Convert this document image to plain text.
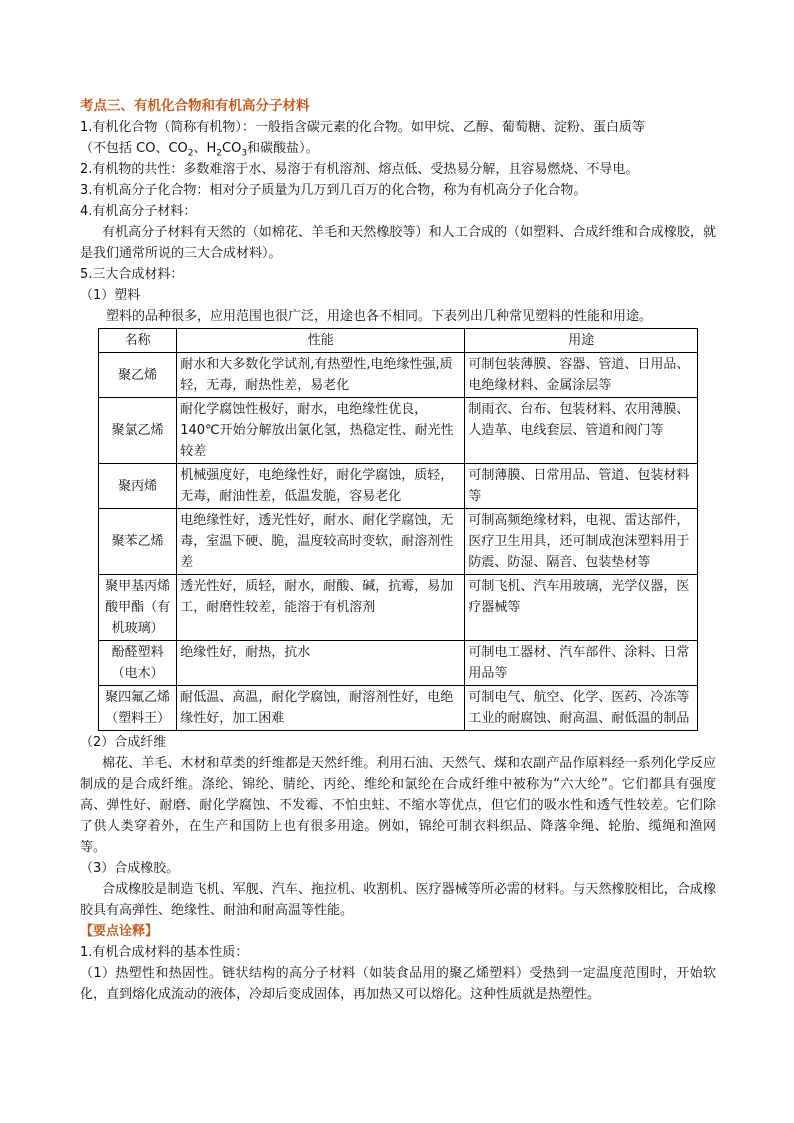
考点三、有机化合物和有机高分子材料
1.有机化合物（简称有机物）：一般指含碳元素的化合物。如甲烷、乙醇、葡萄糖、淀粉、蛋白质等
（不包括 CO、$CO_2$、$H_2CO_3$和碳酸盐）。
2.有机物的共性：多数难溶于水、易溶于有机溶剂、熔点低、受热易分解，且容易燃烧、不导电。
3.有机高分子化合物：相对分子质量为几万到几百万的化合物，称为有机高分子化合物。
4.有机高分子材料：

有机高分子材料有天然的（如棉花、羊毛和天然橡胶等）和人工合成的（如塑料、合成纤维和合成橡胶，就是我们通常所说的三大合成材料）。

5.三大合成材料：
（1）塑料
塑料的品种很多，应用范围也很广泛，用途也各不相同。下表列出几种常见塑料的性能和用途。
名称	性能	用途
聚乙烯	耐水和大多数化学试剂,有热塑性,电绝缘性强,质轻，无毒，耐热性差，易老化	可制包装薄膜、容器、管道、日用品、电绝缘材料、金属涂层等
聚氯乙烯	耐化学腐蚀性极好，耐水，电绝缘性优良，140℃开始分解放出氯化氢，热稳定性、耐光性较差	制雨衣、台布、包装材料、农用薄膜、人造革、电线套层、管道和阀门等
聚丙烯	机械强度好，电绝缘性好，耐化学腐蚀，质轻，无毒，耐油性差，低温发脆，容易老化	可制薄膜、日常用品、管道、包装材料等
聚苯乙烯	电绝缘性好，透光性好，耐水、耐化学腐蚀，无毒，室温下硬、脆，温度较高时变软，耐溶剂性差	可制高频绝缘材料，电视、雷达部件，医疗卫生用具，还可制成泡沫塑料用于防震、防湿、隔音、包装垫材等
聚甲基丙烯酸甲酯（有机玻璃）	透光性好，质轻，耐水，耐酸、碱，抗霉，易加工，耐磨性较差，能溶于有机溶剂	可制飞机、汽车用玻璃，光学仪器，医疗器械等
酚醛塑料（电木）	绝缘性好，耐热，抗水	可制电工器材、汽车部件、涂料、日常用品等
聚四氟乙烯（塑料王）	耐低温、高温，耐化学腐蚀，耐溶剂性好，电绝缘性好，加工困难	可制电气、航空、化学、医药、冷冻等工业的耐腐蚀、耐高温、耐低温的制品
（2）合成纤维

棉花、羊毛、木材和草类的纤维都是天然纤维。利用石油、天然气、煤和农副产品作原料经一系列化学反应制成的是合成纤维。涤纶、锦纶、腈纶、丙纶、维纶和氯纶在合成纤维中被称为“六大纶”。它们都具有强度高、弹性好、耐磨、耐化学腐蚀、不发霉、不怕虫蛀、不缩水等优点，但它们的吸水性和透气性较差。它们除了供人类穿着外，在生产和国防上也有很多用途。例如，锦纶可制衣料织品、降落伞绳、轮胎、缆绳和渔网等。

（3）合成橡胶。

合成橡胶是制造飞机、军舰、汽车、拖拉机、收割机、医疗器械等所必需的材料。与天然橡胶相比，合成橡胶具有高弹性、绝缘性、耐油和耐高温等性能。

【要点诠释】
1.有机合成材料的基本性质：

（1）热塑性和热固性。链状结构的高分子材料（如装食品用的聚乙烯塑料）受热到一定温度范围时，开始软化，直到熔化成流动的液体，冷却后变成固体，再加热又可以熔化。这种性质就是热塑性。
